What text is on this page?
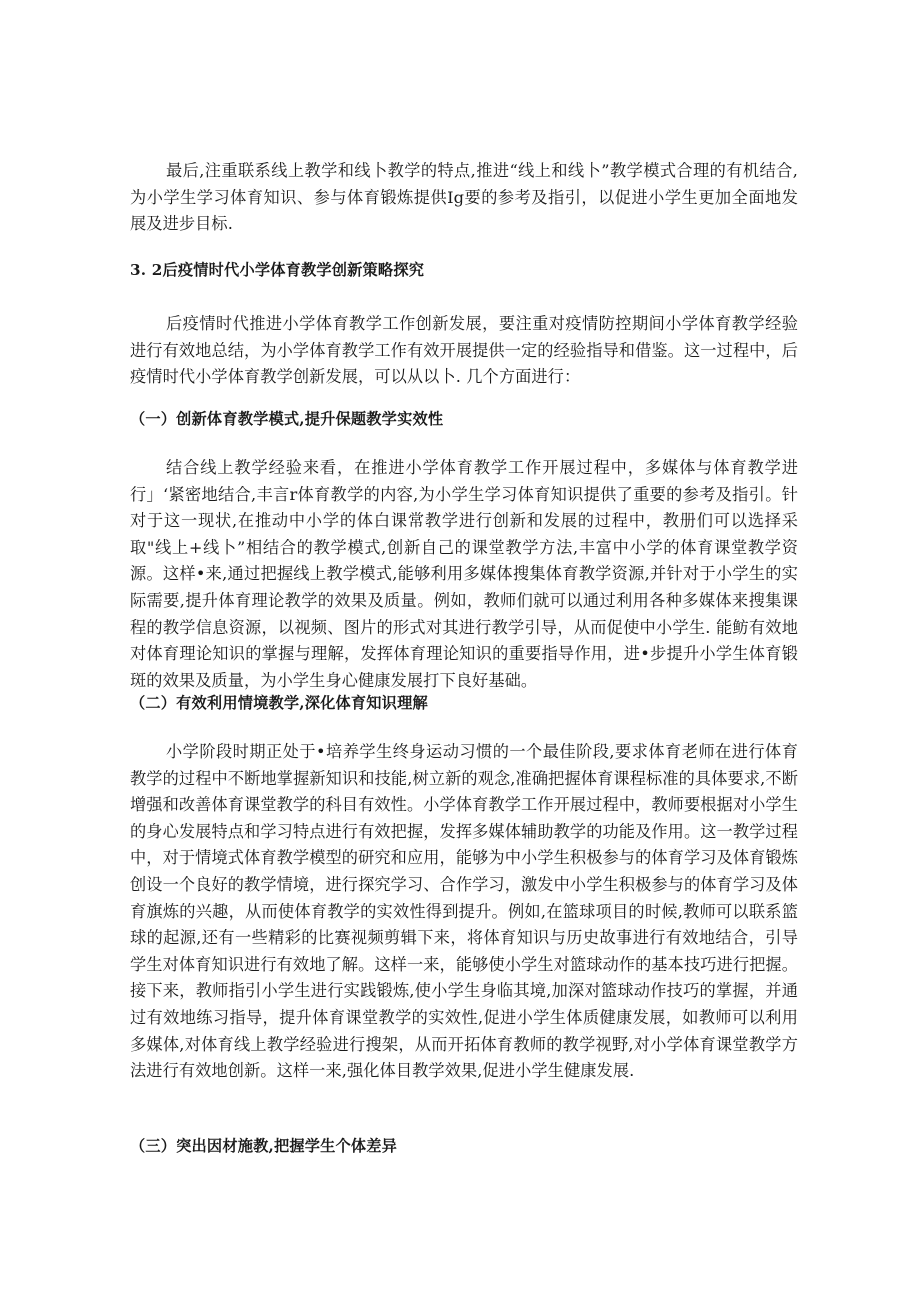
最后,注重联系线上教学和线卜教学的特点,推进“线上和线卜”教学模式合理的有机结合,为小学生学习体育知识、参与体育锻炼提供Ig要的参考及指引，以促进小学生更加全面地发展及进步目标.

3. 2后疫情时代小学体育教学创新策略探究

后疫情时代推进小学体育教学工作创新发展，要注重对疫情防控期间小学体育教学经验进行有效地总结，为小学体育教学工作有效开展提供一定的经验指导和借鉴。这一过程中，后疫情时代小学体育教学创新发展，可以从以卜. 几个方面进行：

（一）创新体育教学模式,提升保题教学实效性

结合线上教学经验来看，在推进小学体育教学工作开展过程中，多媒体与体育教学进行」‘紧密地结合,丰言r体育教学的内容,为小学生学习体育知识提供了重要的参考及指引。针对于这一现状,在推动中小学的体白课常教学进行创新和发展的过程中，教册们可以选择采取"线上+线卜”相结合的教学模式,创新自己的课堂教学方法,丰富中小学的体育课堂教学资源。这样•来,通过把握线上教学模式,能够利用多媒体搜集体育教学资源,并针对于小学生的实际需要,提升体育理论教学的效果及质量。例如，教师们就可以通过利用各种多媒体来搜集课程的教学信息资源，以视频、图片的形式对其进行教学引导，从而促使中小学生. 能鲂有效地对体育理论知识的掌握与理解，发挥体育理论知识的重要指导作用，进•步提升小学生体育锻斑的效果及质量，为小学生身心健康发展打下良好基础。

（二）有效利用情境教学,深化体育知识理解

小学阶段时期正处于•培养学生终身运动习惯的一个最佳阶段,要求体育老师在进行体育教学的过程中不断地掌握新知识和技能,树立新的观念,准确把握体育课程标准的具体要求,不断增强和改善体育课堂教学的科目有效性。小学体育教学工作开展过程中，教师要根据对小学生的身心发展特点和学习特点进行有效把握，发挥多媒体辅助教学的功能及作用。这一教学过程中，对于情境式体育教学模型的研究和应用，能够为中小学生积极参与的体育学习及体育锻炼创设一个良好的教学情境，进行探究学习、合作学习，激发中小学生积极参与的体育学习及体育旗炼的兴趣，从而使体育教学的实效性得到提升。例如,在篮球项目的时候,教师可以联系篮球的起源,还有一些精彩的比赛视频剪辑下来，将体育知识与历史故事进行有效地结合，引导学生对体育知识进行有效地了解。这样一来，能够使小学生对篮球动作的基本技巧进行把握。接下来，教师指引小学生进行实践锻炼,使小学生身临其境,加深对篮球动作技巧的掌握，并通过有效地练习指导，提升体育课堂教学的实效性,促进小学生体质健康发展，如教师可以利用多媒体,对体育线上教学经验进行搜架，从而开拓体育教师的教学视野,对小学体育课堂教学方法进行有效地创新。这样一来,强化体目教学效果,促进小学生健康发展.

（三）突出因材施教,把握学生个体差异
